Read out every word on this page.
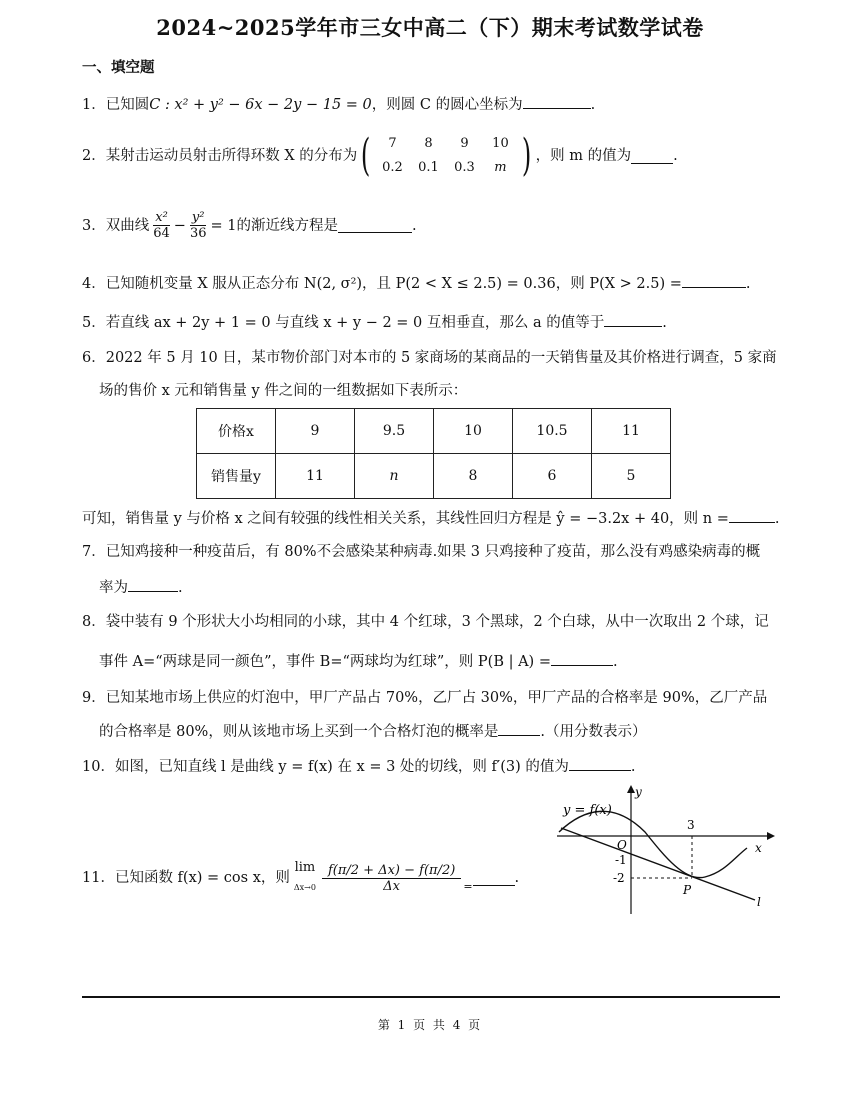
2024~2025学年市三女中高二（下）期末考试数学试卷
一、填空题
1．已知圆C : x² + y² − 6x − 2y − 15 = 0，则圆 C 的圆心坐标为	.
2． 某射击运动员射击所得环数 X 的分布为 (	7	8	9	10
0.2	0.1	0.3	m ) ，则 m 的值为	.
3． 双曲线 $\frac{\text{x²}}{64} - \frac{\text{y²}}{36} = 1$ 的渐近线方程是	.
4．已知随机变量 X 服从正态分布 N(2, σ²)，且 P(2 < X ≤ 2.5) = 0.36，则 P(X > 2.5) =	.
5．若直线 ax + 2y + 1 = 0 与直线 x + y − 2 = 0 互相垂直，那么 a 的值等于	.
6．2022 年 5 月 10 日，某市物价部门对本市的 5 家商场的某商品的一天销售量及其价格进行调查，5 家商
场的售价 x 元和销售量 y 件之间的一组数据如下表所示：
价格x	9	9.5	10	10.5	11
销售量y	11	n	8	6	5
可知，销售量 y 与价格 x 之间有较强的线性相关关系，其线性回归方程是 ŷ = −3.2x + 40，则 n =	.
7．已知鸡接种一种疫苗后，有 80%不会感染某种病毒.如果 3 只鸡接种了疫苗，那么没有鸡感染病毒的概
率为	.
8．袋中装有 9 个形状大小均相同的小球，其中 4 个红球，3 个黑球，2 个白球，从中一次取出 2 个球，记
事件 A=“两球是同一颜色”，事件 B=“两球均为红球”，则 P(B | A) =	.
9．已知某地市场上供应的灯泡中，甲厂产品占 70%，乙厂占 30%，甲厂产品的合格率是 90%，乙厂产品
的合格率是 80%，则从该地市场上买到一个合格灯泡的概率是	.（用分数表示）
10．如图，已知直线 l 是曲线 y = f(x) 在 x = 3 处的切线，则 f′(3) 的值为	.
11． 已知函数 f(x) = cos x，则
lim
$\Delta x\to 0 \frac{f(\pi/2 + \Delta x) - f(\pi/2)}{\Delta x}$ =
.
y = f(x)
y
x
O
3
-1
-2
P
l
第 1 页 共 4 页
